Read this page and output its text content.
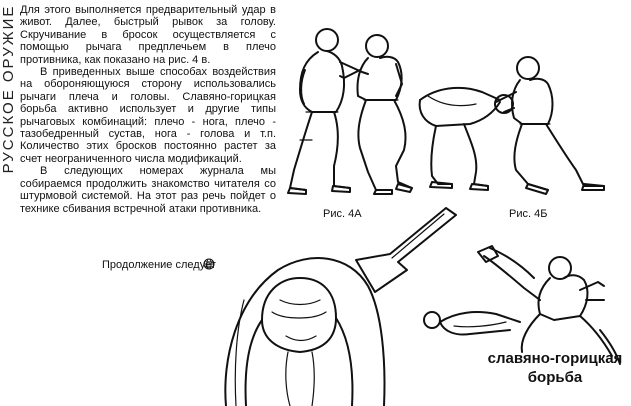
РУССКОЕ ОРУЖИЕ Для этого выполняется предварительный удар в живот. Далее, быстрый рывок за голову. Скручивание в бросок осуществляется с помощью рычага предплечьем в плечо противника, как показано на рис. 4 в.

В приведенных выше способах воздействия на обороняющуюся сторону использовались рычаги плеча и головы. Славяно-горицкая борьба активно использует и другие типы рычаговых комбинаций: плечо - нога, плечо - тазобедренный сустав, нога - голова и т.п. Количество этих бросков постоянно растет за счет неограниченного числа модификаций.

В следующих номерах журнала мы собираемся продолжить знакомство читателя со штурмовой системой. На этот раз речь пойдет о технике сбивания встречной атаки противника.

Продолжение следует
Рис. 4А	Рис. 4Б
славяно-горицкая
борьба
